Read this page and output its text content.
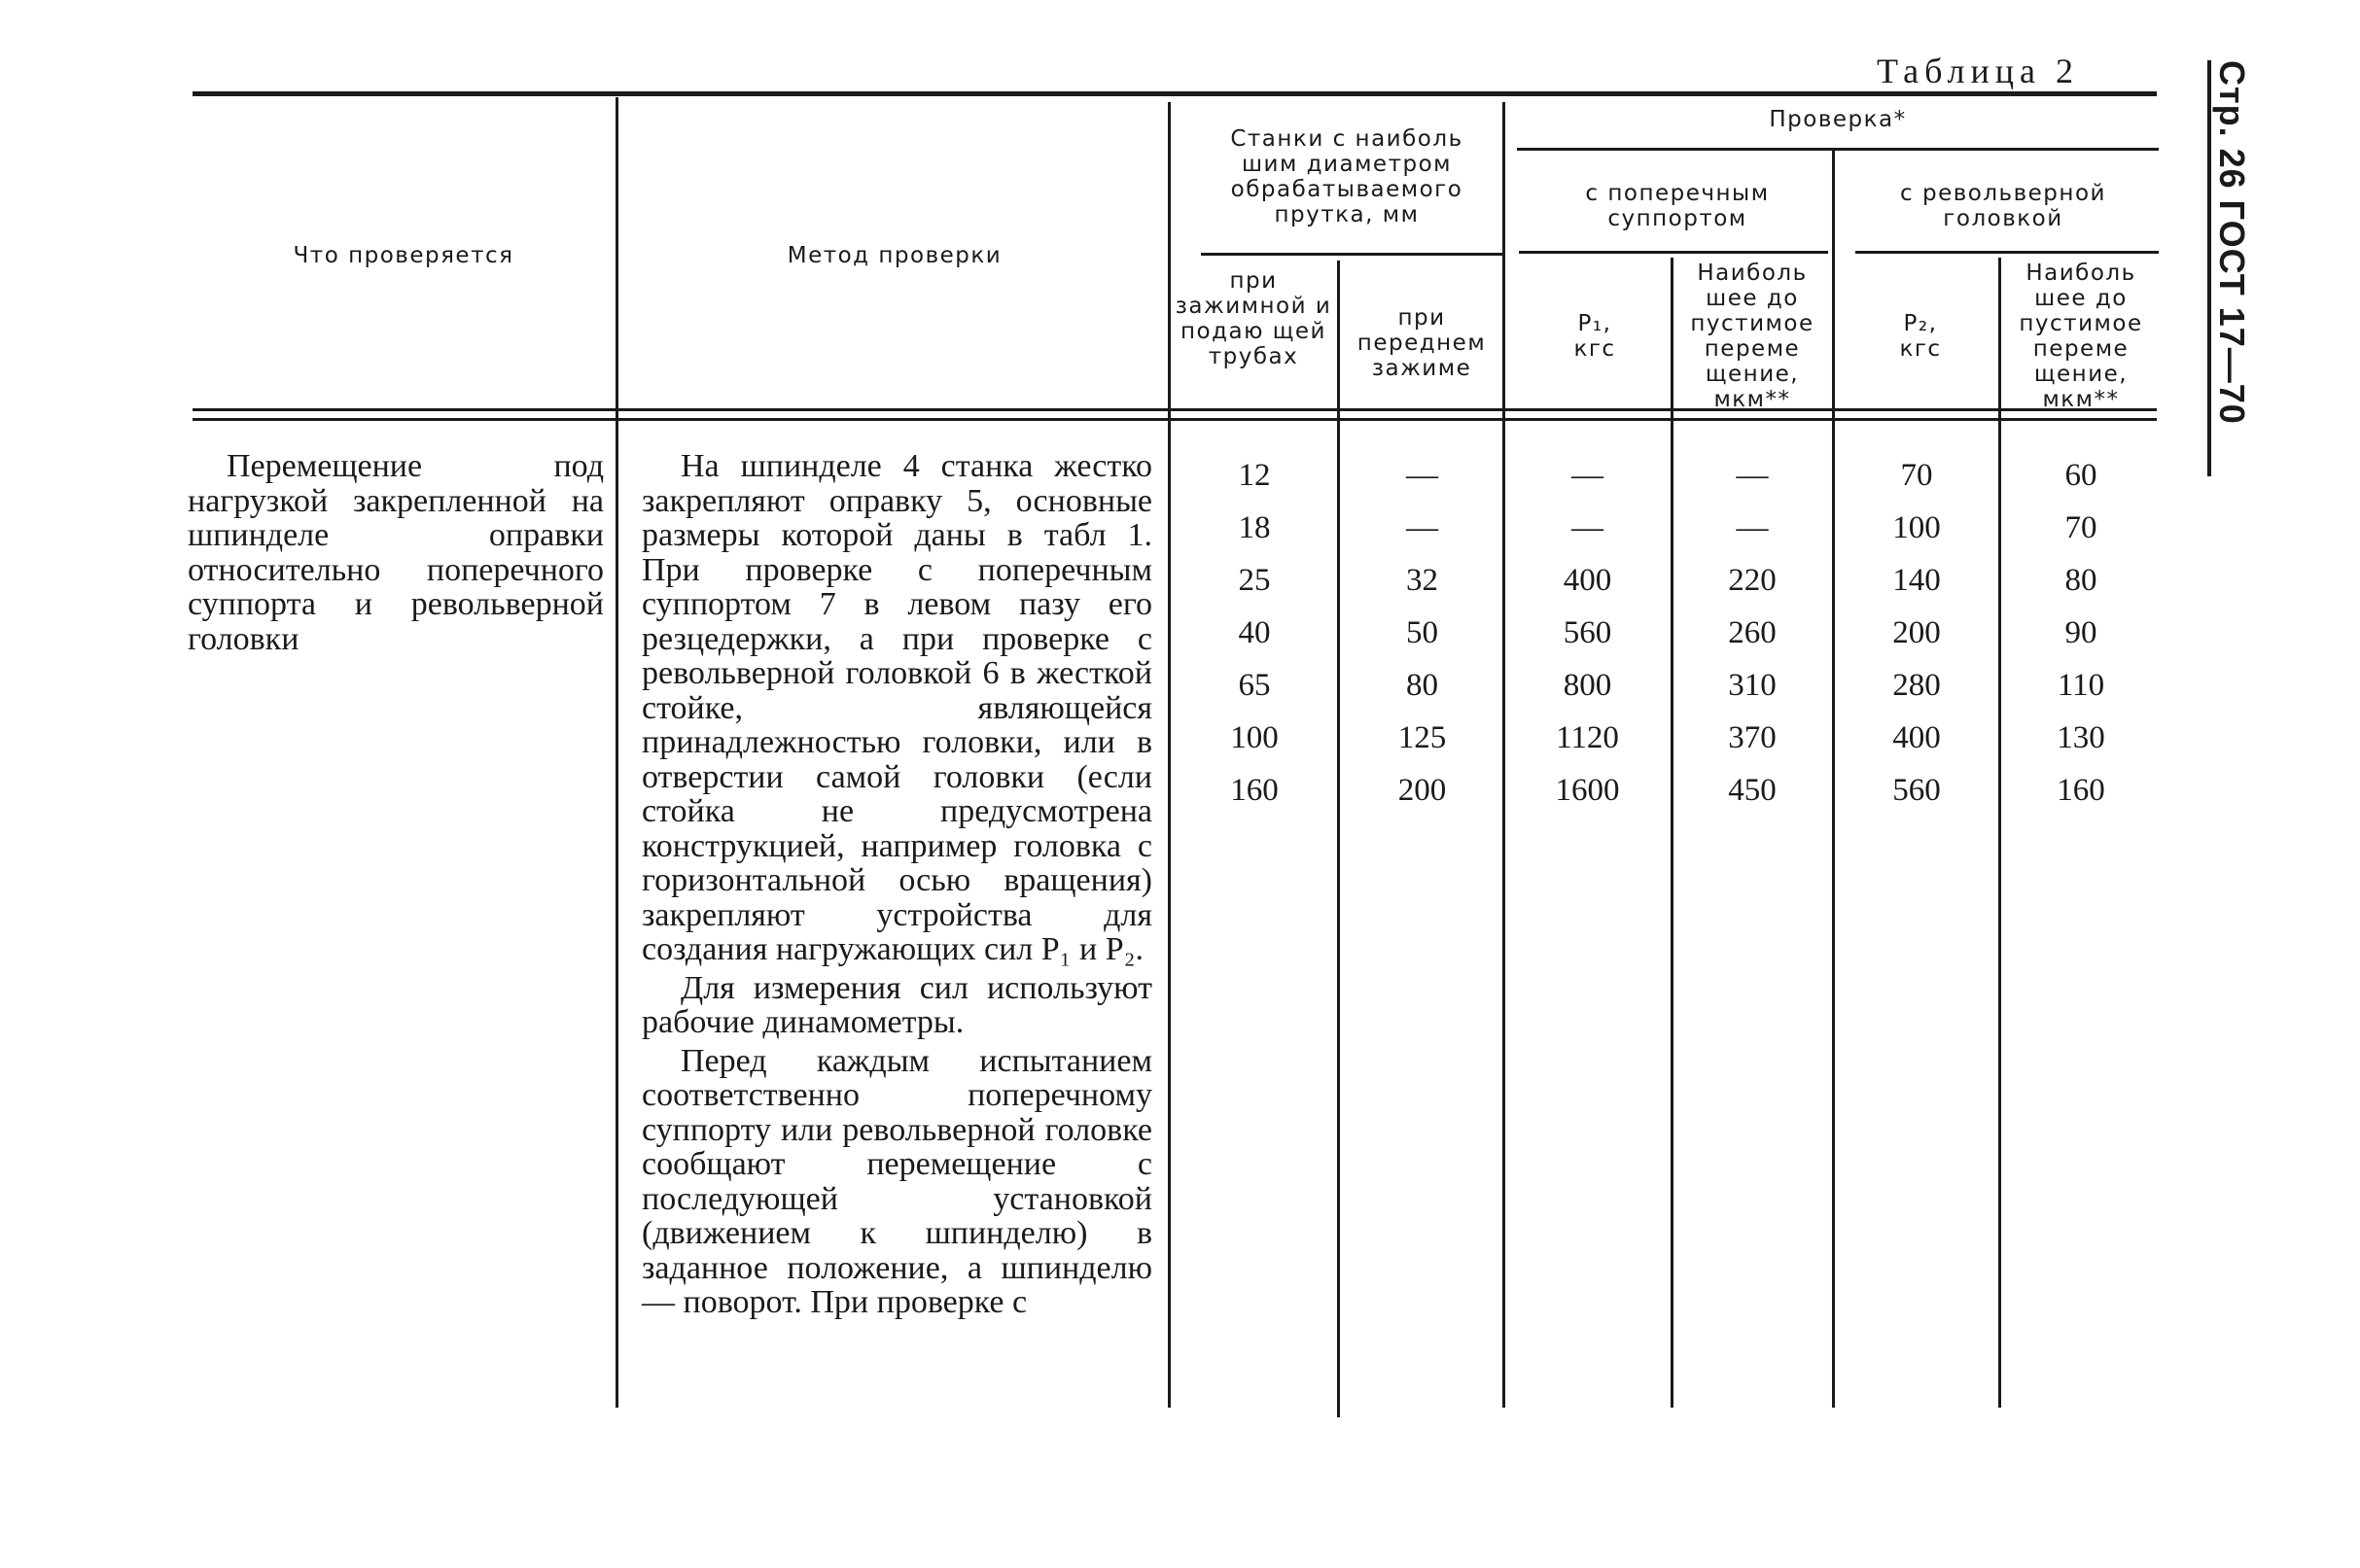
Таблица 2	Стр. 26 ГОСТ 17—70
Что проверяется	Метод проверки
Станки с наиболь шим диаметром обрабатываемого прутка, мм
при зажимной и подаю щей трубах
при переднем зажиме
Проверка*
с поперечным суппортом
с револьверной головкой
P₁, кгс
Наиболь шее до пустимое переме щение, мкм**
P₂, кгс
Наиболь шее до пустимое переме щение, мкм**

Перемещение под нагрузкой закрепленной на шпинделе оправки относительно поперечного суппорта и револьверной головки

На шпинделе 4 станка жестко закрепляют оправку 5, основные размеры которой даны в табл 1. При проверке с поперечным суппортом 7 в левом пазу его резцедержки, а при проверке с револьверной головкой 6 в жесткой стойке, являющейся принадлежностью головки, или в отверстии самой головки (если стойка не предусмотрена конструкцией, например головка с горизонтальной осью вращения) закрепляют устройства для создания нагружающих сил P₁ и P₂.

Для измерения сил используют рабочие динамометры.

Перед каждым испытанием соответственно поперечному суппорту или револьверной головке сообщают перемещение с последующей установкой (движением к шпинделю) в заданное положение, а шпинделю — поворот. При проверке с

12
18
25
40
65
100
160
—
—
32
50
80
125
200
—
—
400
560
800
1120
1600
—
—
220
260
310
370
450
70
100
140
200
280
400
560
60
70
80
90
110
130
160
